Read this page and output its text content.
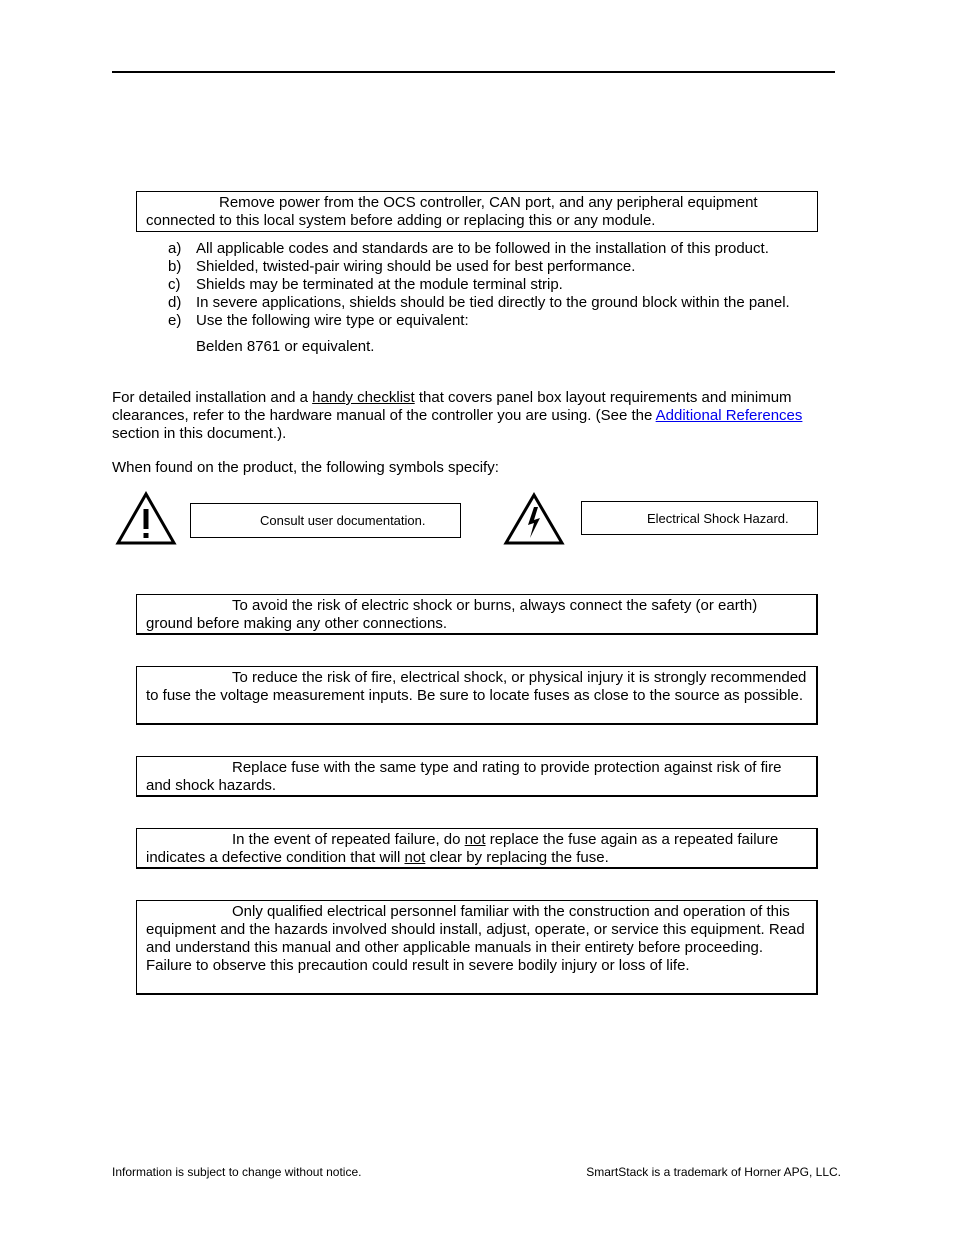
Remove power from the OCS controller, CAN port, and any peripheral equipment connected to this local system before adding or replacing this or any module.
a) All applicable codes and standards are to be followed in the installation of this product.
b) Shielded, twisted-pair wiring should be used for best performance.
c) Shields may be terminated at the module terminal strip.
d) In severe applications, shields should be tied directly to the ground block within the panel.
e) Use the following wire type or equivalent:
Belden 8761 or equivalent.
For detailed installation and a handy checklist that covers panel box layout requirements and minimum clearances, refer to the hardware manual of the controller you are using. (See the Additional References section in this document.).
When found on the product, the following symbols specify:
Consult user documentation.	Electrical Shock Hazard.
To avoid the risk of electric shock or burns, always connect the safety (or earth) ground before making any other connections.
To reduce the risk of fire, electrical shock, or physical injury it is strongly recommended to fuse the voltage measurement inputs. Be sure to locate fuses as close to the source as possible.
Replace fuse with the same type and rating to provide protection against risk of fire and shock hazards.
In the event of repeated failure, do not replace the fuse again as a repeated failure indicates a defective condition that will not clear by replacing the fuse.
Only qualified electrical personnel familiar with the construction and operation of this equipment and the hazards involved should install, adjust, operate, or service this equipment. Read and understand this manual and other applicable manuals in their entirety before proceeding. Failure to observe this precaution could result in severe bodily injury or loss of life.
Information is subject to change without notice.	SmartStack is a trademark of Horner APG, LLC.
